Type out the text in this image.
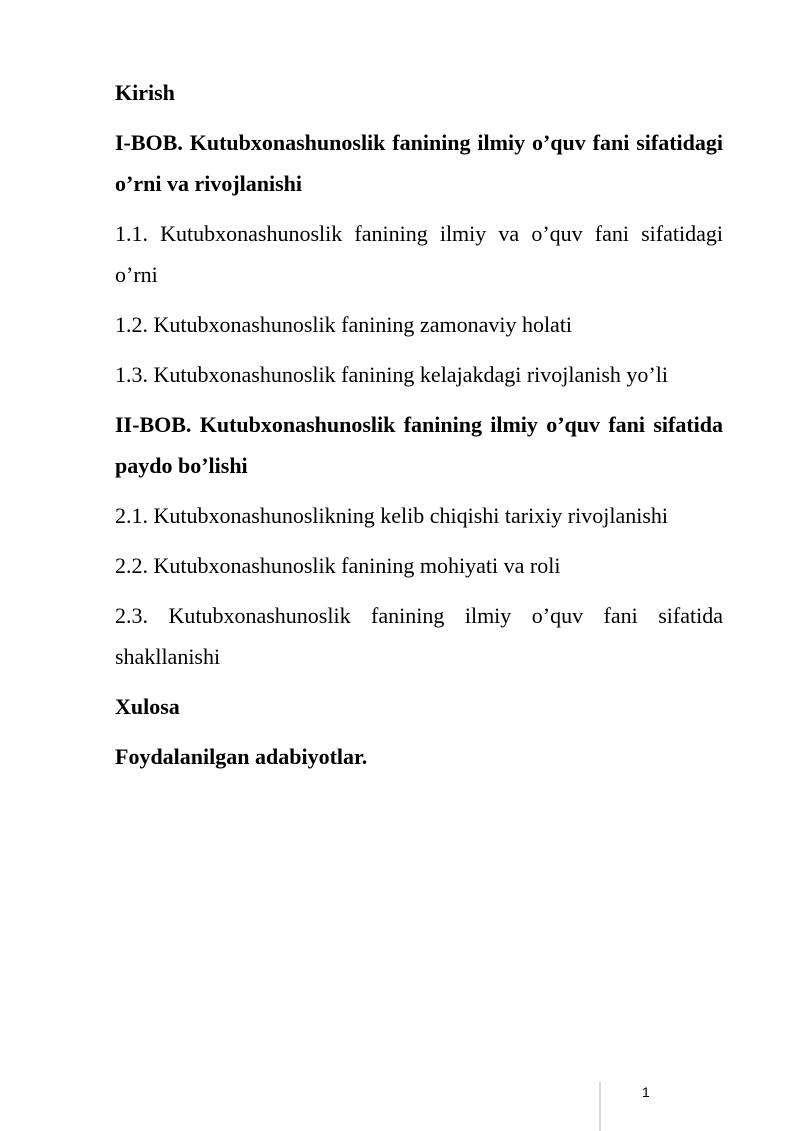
Kirish

I-BOB. Kutubxonashunoslik fanining ilmiy o’quv fani sifatidagi o’rni va rivojlanishi

1.1. Kutubxonashunoslik fanining ilmiy va o’quv fani sifatidagi o’rni

1.2. Kutubxonashunoslik fanining zamonaviy holati

1.3. Kutubxonashunoslik fanining kelajakdagi rivojlanish yo’li

II-BOB. Kutubxonashunoslik fanining ilmiy o’quv fani sifatida paydo bo’lishi

2.1. Kutubxonashunoslikning kelib chiqishi tarixiy rivojlanishi

2.2. Kutubxonashunoslik fanining mohiyati va roli

2.3. Kutubxonashunoslik fanining ilmiy o’quv fani sifatida shakllanishi

Xulosa

Foydalanilgan adabiyotlar.

1
